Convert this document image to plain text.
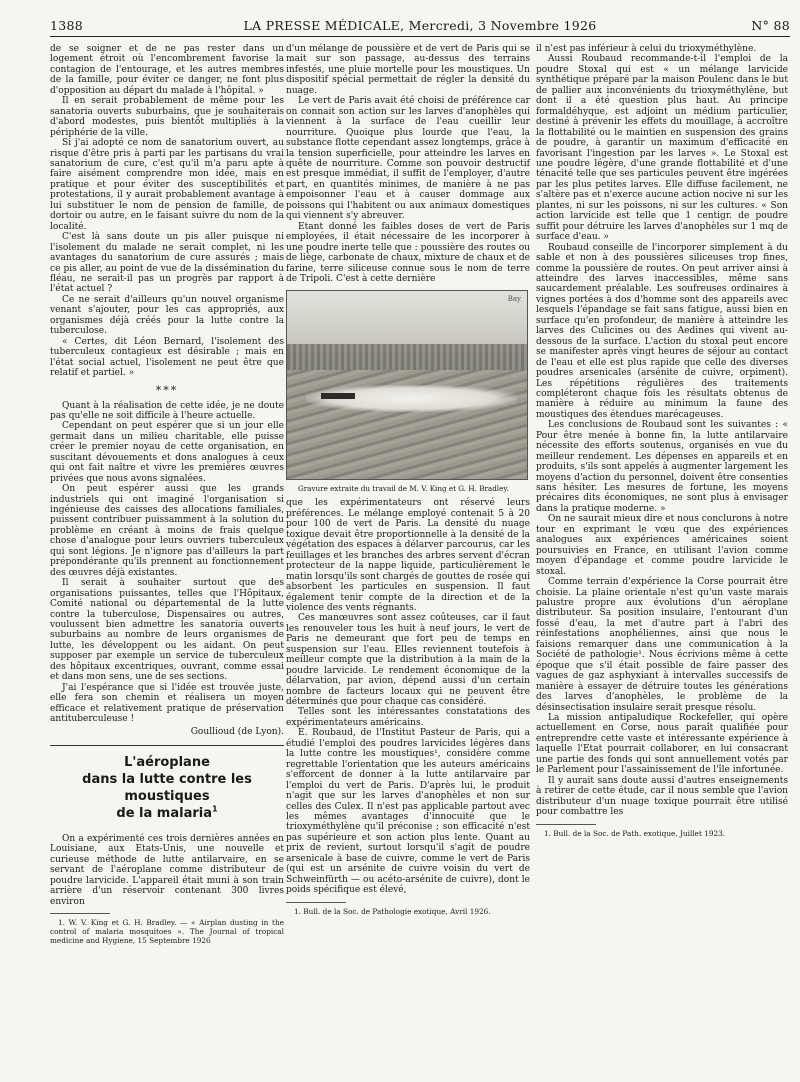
1388	LA PRESSE MÉDICALE, Mercredi, 3 Novembre 1926	N° 88

de se soigner et de ne pas rester dans un logement étroit où l'encombrement favorise la contagion de l'entourage, et les autres membres de la famille, pour éviter ce danger, ne font plus d'opposition au départ du malade à l'hôpital. »

Il en serait probablement de même pour les sanatoria ouverts suburbains, que je souhaiterais d'abord modestes, puis bientôt multipliés à la périphérie de la ville.

Si j'ai adopté ce nom de sanatorium ouvert, au risque d'être pris à parti par les partisans du vrai sanatorium de cure, c'est qu'il m'a paru apte à faire aisément comprendre mon idée, mais en pratique et pour éviter des susceptibilités et protestations, il y aurait probablement avantage à lui substituer le nom de pension de famille, de dortoir ou autre, en le faisant suivre du nom de la localité.

C'est là sans doute un pis aller puisque ni l'isolement du malade ne serait complet, ni les avantages du sanatorium de cure assurés ; mais ce pis aller, au point de vue de la dissémination du fléau, ne serait-il pas un progrès par rapport à l'état actuel ?

Ce ne serait d'ailleurs qu'un nouvel organisme venant s'ajouter, pour les cas appropriés, aux organismes déjà créés pour la lutte contre la tuberculose.

« Certes, dit Léon Bernard, l'isolement des tuberculeux contagieux est désirable ; mais en l'état social actuel, l'isolement ne peut être que relatif et partiel. »

***

Quant à la réalisation de cette idée, je ne doute pas qu'elle ne soit difficile à l'heure actuelle.

Cependant on peut espérer que si un jour elle germait dans un milieu charitable, elle puisse créer le premier noyau de cette organisation, en suscitant dévouements et dons analogues à ceux qui ont fait naître et vivre les premières œuvres privées que nous avons signalées.

On peut espérer aussi que les grands industriels qui ont imaginé l'organisation si ingénieuse des caisses des allocations familiales, puissent contribuer puissamment à la solution du problème en créant à moins de frais quelque chose d'analogue pour leurs ouvriers tuberculeux qui sont légions. Je n'ignore pas d'ailleurs la part prépondérante qu'ils prennent au fonctionnement des œuvres déjà existantes.

Il serait à souhaiter surtout que des organisations puissantes, telles que l'Hôpitaux, Comité national ou départemental de la lutte contre la tuberculose, Dispensaires ou autres, voulussent bien admettre les sanatoria ouverts suburbains au nombre de leurs organismes de lutte, les développent ou les aidant. On peut supposer par exemple un service de tuberculeux des hôpitaux excentriques, ouvrant, comme essai et dans mon sens, une de ses sections.

J'ai l'espérance que si l'idée est trouvée juste, elle fera son chemin et réalisera un moyen efficace et relativement pratique de préservation antituberculeuse !

Goullioud (de Lyon).
L'aéroplane
dans la lutte contre les moustiques
de la malaria$^1$

On a expérimenté ces trois dernières années en Louisiane, aux Etats-Unis, une nouvelle et curieuse méthode de lutte antilarvaire, en se servant de l'aéroplane comme distributeur de poudre larvicide. L'appareil était muni à son train arrière d'un réservoir contenant 300 livres environ

1. W. V. King et G. H. Bradley. — « Airplan dusting in the control of malaria mosquitoes ». The Journal of tropical medicine and Hygiene, 15 Septembre 1926

d'un mélange de poussière et de vert de Paris qui se mait sur son passage, au-dessus des terrains infestés, une pluie mortelle pour les moustiques. Un dispositif spécial permettait de régler la densité du nuage.

Le vert de Paris avait été choisi de préférence car on connait son action sur les larves d'anophèles qui viennent à la surface de l'eau cueillir leur nourriture. Quoique plus lourde que l'eau, la substance flotte cependant assez longtemps, grâce à la tension superficielle, pour atteindre les larves en quête de nourriture. Comme son pouvoir destructif est presque immédiat, il suffit de l'employer, d'autre part, en quantités minimes, de manière à ne pas empoisonner l'eau et à causer dommage aux poissons qui l'habitent ou aux animaux domestiques qui viennent s'y abreuver.

Etant donné les faibles doses de vert de Paris employées, il était nécessaire de les incorporer à une poudre inerte telle que : poussière des routes ou de liège, carbonate de chaux, mixture de chaux et de farine, terre siliceuse connue sous le nom de terre de Tripoli. C'est à cette dernière

Bay

Gravure extraite du travail de M. V. King et G. H. Bradley.

que les expérimentateurs ont réservé leurs préférences. Le mélange employé contenait 5 à 20 pour 100 de vert de Paris. La densité du nuage toxique devait être proportionnelle à la densité de la végétation des espaces à délarver parcourus, car les feuillages et les branches des arbres servent d'écran protecteur de la nappe liquide, particulièrement le matin lorsqu'ils sont chargés de gouttes de rosée qui absorbent les particules en suspension. Il faut également tenir compte de la direction et de la violence des vents régnants.

Ces manœuvres sont assez coûteuses, car il faut les renouveler tous les huit à neuf jours, le vert de Paris ne demeurant que fort peu de temps en suspension sur l'eau. Elles reviennent toutefois à meilleur compte que la distribution à la main de la poudre larvicide. Le rendement économique de la délarvation, par avion, dépend aussi d'un certain nombre de facteurs locaux qui ne peuvent être déterminés que pour chaque cas considéré.

Telles sont les intéressantes constatations des expérimentateurs américains.

E. Roubaud, de l'Institut Pasteur de Paris, qui a étudié l'emploi des poudres larvicides légères dans la lutte contre les moustiques¹, considère comme regrettable l'orientation que les auteurs américains s'efforcent de donner à la lutte antilarvaire par l'emploi du vert de Paris. D'après lui, le produit n'agit que sur les larves d'anophèles et non sur celles des Culex. Il n'est pas applicable partout avec les mêmes avantages d'innocuité que le trioxyméthylène qu'il préconise ; son efficacité n'est pas supérieure et son action plus lente. Quant au prix de revient, surtout lorsqu'il s'agit de poudre arsenicale à base de cuivre, comme le vert de Paris (qui est un arsénite de cuivre voisin du vert de Schweinfürth — ou acéto-arsénite de cuivre), dont le poids spécifique est élevé,

1. Bull. de la Soc. de Pathologie exotique, Avril 1926.

il n'est pas inférieur à celui du trioxyméthylène.

Aussi Roubaud recommande-t-il l'emploi de la poudre Stoxal qui est « un mélange larvicide synthétique préparé par la maison Poulenc dans le but de pallier aux inconvénients du trioxyméthylène, but dont il a été question plus haut. Au principe formaldéhyque, est adjoint un médium particulier, destiné à prévenir les effets du mouillage, à accroître la flottabilité ou le maintien en suspension des grains de poudre, à garantir un maximum d'efficacité en favorisant l'ingestion par les larves ». Le Stoxal est une poudre légère, d'une grande flottabilité et d'une ténacité telle que ses particules peuvent être ingérées par les plus petites larves. Elle diffuse facilement, ne s'altère pas et n'exerce aucune action nocive ni sur les plantes, ni sur les poissons, ni sur les cultures. « Son action larvicide est telle que 1 centigr. de poudre suffit pour détruire les larves d'anophèles sur 1 mq de surface d'eau. »

Roubaud conseille de l'incorporer simplement à du sable et non à des poussières siliceuses trop fines, comme la poussière de routes. On peut arriver ainsi à atteindre des larves inaccessibles, même sans saucardement préalable. Les soufreuses ordinaires à vignes portées à dos d'homme sont des appareils avec lesquels l'épandage se fait sans fatigue, aussi bien en surface qu'en profondeur, de manière à atteindre les larves des Culicines ou des Aedines qui vivent au-dessous de la surface. L'action du stoxal peut encore se manifester après vingt heures de séjour au contact de l'eau et elle est plus rapide que celle des diverses poudres arsenicales (arsénite de cuivre, orpiment). Les répétitions régulières des traitements compléteront chaque fois les résultats obtenus de manière à réduire au minimum la faune des moustiques des étendues marécageuses.

Les conclusions de Roubaud sont les suivantes : « Pour être menée à bonne fin, la lutte antilarvaire nécessite des efforts soutenus, organisés en vue du meilleur rendement. Les dépenses en appareils et en produits, s'ils sont appelés à augmenter largement les moyens d'action du personnel, doivent être consenties sans hésiter. Les mesures de fortune, les moyens précaires dits économiques, ne sont plus à envisager dans la pratique moderne. »

On ne saurait mieux dire et nous conclurons à notre tour en exprimant le vœu que des expériences analogues aux expériences américaines soient poursuivies en France, en utilisant l'avion comme moyen d'épandage et comme poudre larvicide le stoxal.

Comme terrain d'expérience la Corse pourrait être choisie. La plaine orientale n'est qu'un vaste marais palustre propre aux évolutions d'un aéroplane distributeur. Sa position insulaire, l'entourant d'un fossé d'eau, la met d'autre part à l'abri des réinfestations anophéliennes, ainsi que nous le faisions remarquer dans une communication à la Société de pathologie¹. Nous écrivions même à cette époque que s'il était possible de faire passer des vagues de gaz asphyxiant à intervalles successifs de manière à essayer de détruire toutes les générations des larves d'anophèles, le problème de la désinsectisation insulaire serait presque résolu.

La mission antipaludique Rockefeller, qui opère actuellement en Corse, nous paraît qualifiée pour entreprendre cette vaste et intéressante expérience à laquelle l'Etat pourrait collaborer, en lui consacrant une partie des fonds qui sont annuellement votés par le Parlement pour l'assainissement de l'île infortunée.

Il y aurait sans doute aussi d'autres enseignements à retirer de cette étude, car il nous semble que l'avion distributeur d'un nuage toxique pourrait être utilisé pour combattre les

1. Bull. de la Soc. de Path. exotique, Juillet 1923.
